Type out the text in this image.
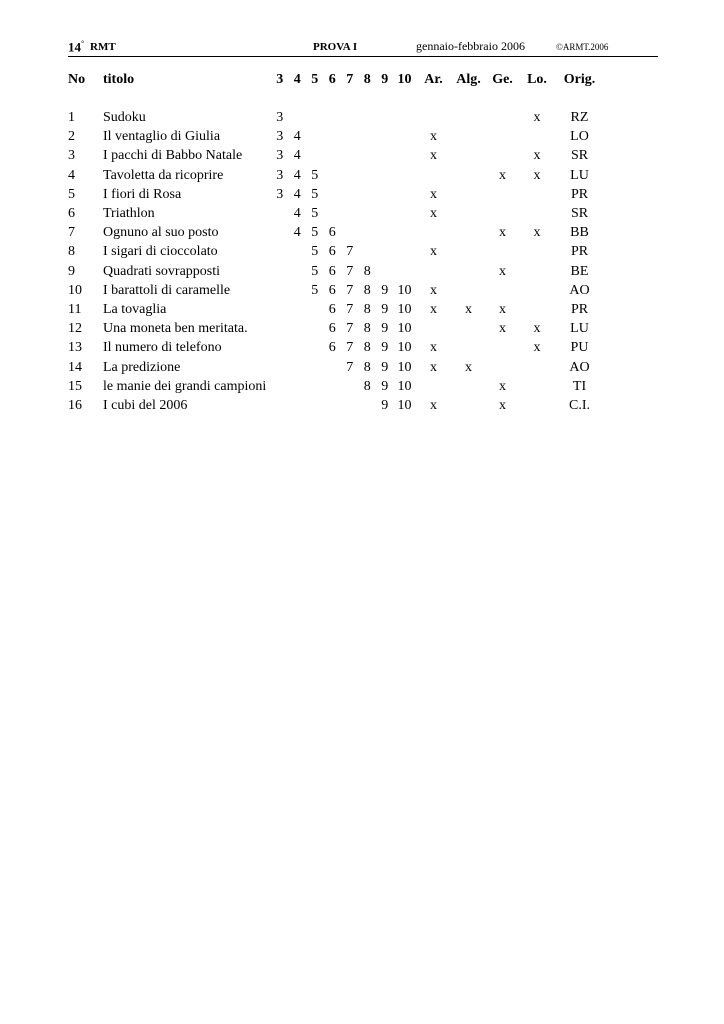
14° RMT	PROVA I	gennaio-febbraio 2006	©ARMT.2006
No	titolo	3	4	5	6	7	8	9	10	Ar.	Alg.	Ge.	Lo.	Orig.

1	Sudoku	3											x	RZ
2	Il ventaglio di Giulia	3	4							x				LO
3	I pacchi di Babbo Natale	3	4							x			x	SR
4	Tavoletta da ricoprire	3	4	5								x	x	LU
5	I fiori di Rosa	3	4	5						x				PR
6	Triathlon		4	5						x				SR
7	Ognuno al suo posto		4	5	6							x	x	BB
8	I sigari di cioccolato			5	6	7				x				PR
9	Quadrati sovrapposti			5	6	7	8					x		BE
10	I barattoli di caramelle			5	6	7	8	9	10	x				AO
11	La tovaglia				6	7	8	9	10	x	x	x		PR
12	Una moneta ben meritata.				6	7	8	9	10			x	x	LU
13	Il numero di telefono				6	7	8	9	10	x			x	PU
14	La predizione					7	8	9	10	x	x			AO
15	le manie dei grandi campioni						8	9	10			x		TI
16	I cubi del 2006							9	10	x		x		C.I.
